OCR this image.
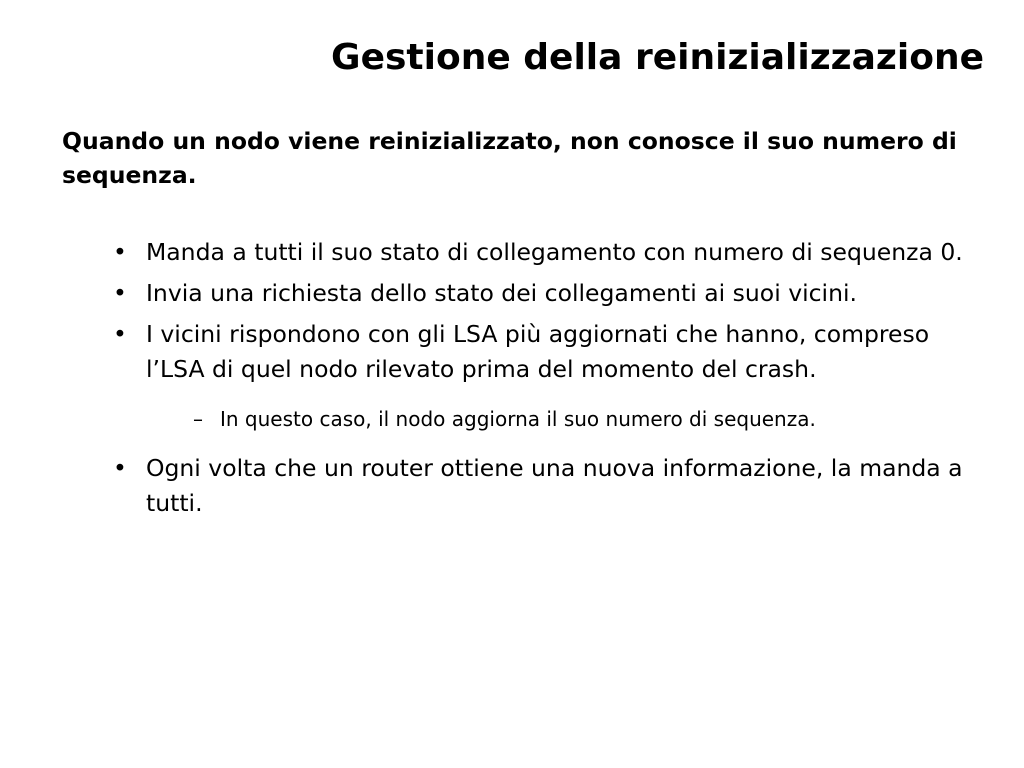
Gestione della reinizializzazione
Quando un nodo viene reinizializzato, non conosce il suo numero di sequenza.
• Manda a tutti il suo stato di collegamento con numero di sequenza 0.
• Invia una richiesta dello stato dei collegamenti ai suoi vicini.
• I vicini rispondono con gli LSA più aggiornati che hanno, compreso l’LSA di quel nodo rilevato prima del momento del crash.
– In questo caso, il nodo aggiorna il suo numero di sequenza.
• Ogni volta che un router ottiene una nuova informazione, la manda a tutti.
